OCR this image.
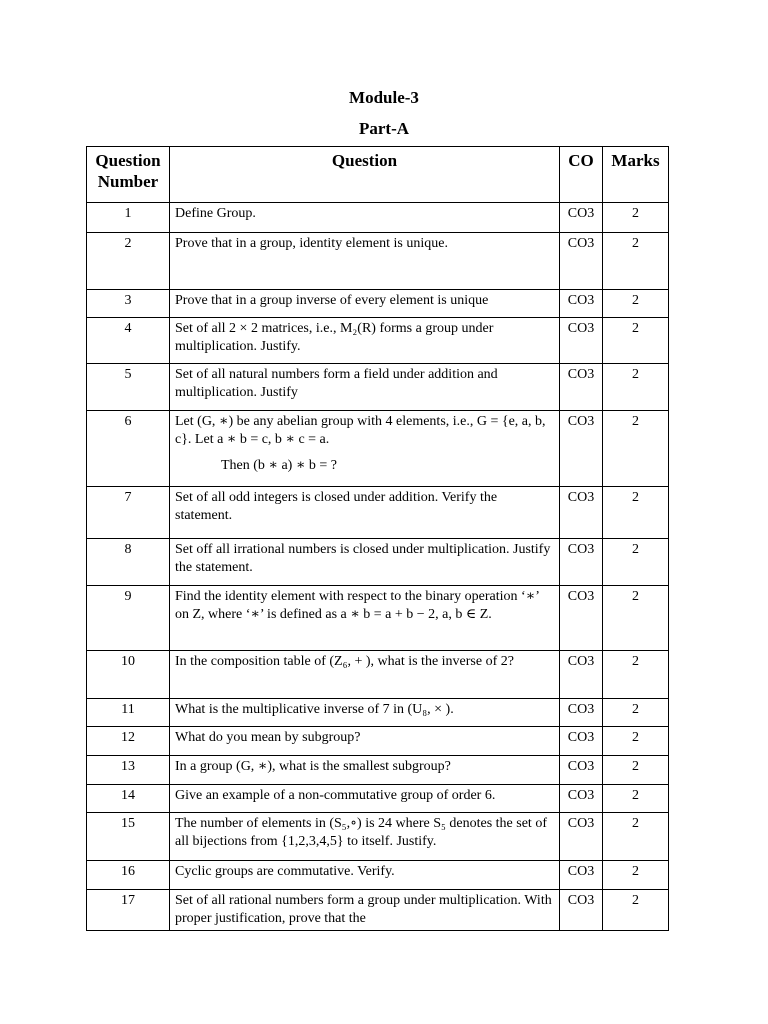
Module-3
Part-A
Question Number	Question	CO	Marks
1	Define Group.	CO3	2
2	Prove that in a group, identity element is unique.	CO3	2
3	Prove that in a group inverse of every element is unique	CO3	2
4	Set of all 2 × 2 matrices, i.e., M₂(R) forms a group under multiplication. Justify.	CO3	2
5	Set of all natural numbers form a field under addition and multiplication. Justify	CO3	2
6	Let (G, ∗) be any abelian group with 4 elements, i.e., G = {e, a, b, c}. Let a ∗ b = c, b ∗ c = a.
Then (b ∗ a) ∗ b = ?	CO3	2
7	Set of all odd integers is closed under addition. Verify the statement.	CO3	2
8	Set off all irrational numbers is closed under multiplication. Justify the statement.	CO3	2
9	Find the identity element with respect to the binary operation ‘∗’ on Z, where ‘∗’ is defined as a ∗ b = a + b − 2, a, b ∈ Z.	CO3	2
10	In the composition table of (Z₆, + ), what is the inverse of 2?	CO3	2
11	What is the multiplicative inverse of 7 in (U₈, × ).	CO3	2
12	What do you mean by subgroup?	CO3	2
13	In a group (G, ∗), what is the smallest subgroup?	CO3	2
14	Give an example of a non-commutative group of order 6.	CO3	2
15	The number of elements in (S₅,∘) is 24 where S₅ denotes the set of all bijections from {1,2,3,4,5} to itself. Justify.	CO3	2
16	Cyclic groups are commutative. Verify.	CO3	2
17	Set of all rational numbers form a group under multiplication. With proper justification, prove that the	CO3	2
